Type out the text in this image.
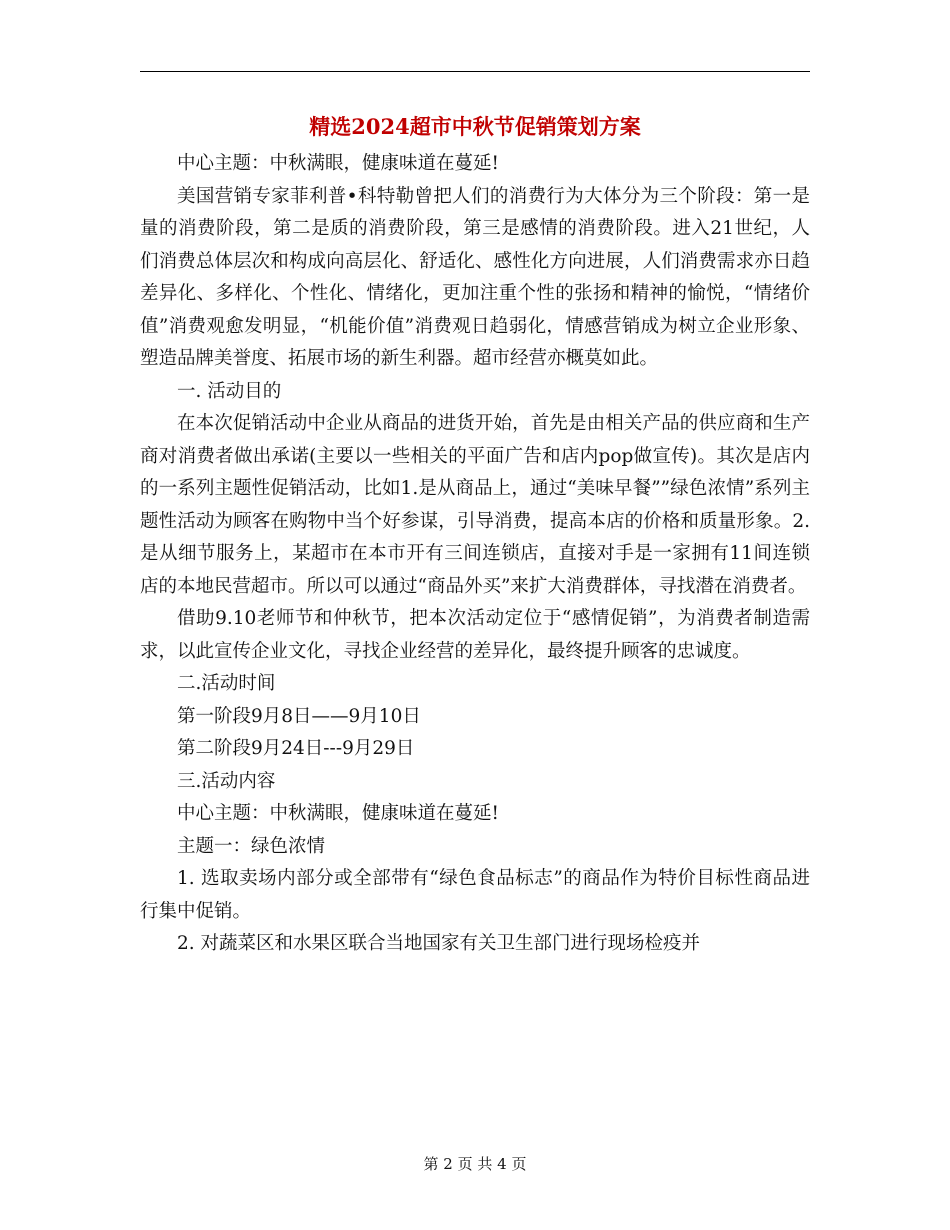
精选2024超市中秋节促销策划方案

中心主题：中秋满眼，健康味道在蔓延!

美国营销专家菲利普•科特勒曾把人们的消费行为大体分为三个阶段：第一是量的消费阶段，第二是质的消费阶段，第三是感情的消费阶段。进入21世纪，人们消费总体层次和构成向高层化、舒适化、感性化方向进展，人们消费需求亦日趋差异化、多样化、个性化、情绪化，更加注重个性的张扬和精神的愉悦，“情绪价值”消费观愈发明显，“机能价值”消费观日趋弱化，情感营销成为树立企业形象、塑造品牌美誉度、拓展市场的新生利器。超市经营亦概莫如此。

一. 活动目的

在本次促销活动中企业从商品的进货开始，首先是由相关产品的供应商和生产商对消费者做出承诺(主要以一些相关的平面广告和店内pop做宣传)。其次是店内的一系列主题性促销活动，比如1.是从商品上，通过“美味早餐””绿色浓情”系列主题性活动为顾客在购物中当个好参谋，引导消费，提高本店的价格和质量形象。2.是从细节服务上，某超市在本市开有三间连锁店，直接对手是一家拥有11间连锁店的本地民营超市。所以可以通过“商品外买”来扩大消费群体，寻找潜在消费者。

借助9.10老师节和仲秋节，把本次活动定位于“感情促销”，为消费者制造需求，以此宣传企业文化，寻找企业经营的差异化，最终提升顾客的忠诚度。

二.活动时间

第一阶段9月8日——9月10日

第二阶段9月24日---9月29日

三.活动内容

中心主题：中秋满眼，健康味道在蔓延!

主题一：绿色浓情

1. 选取卖场内部分或全部带有“绿色食品标志”的商品作为特价目标性商品进行集中促销。

2. 对蔬菜区和水果区联合当地国家有关卫生部门进行现场检疫并

第 2 页 共 4 页
